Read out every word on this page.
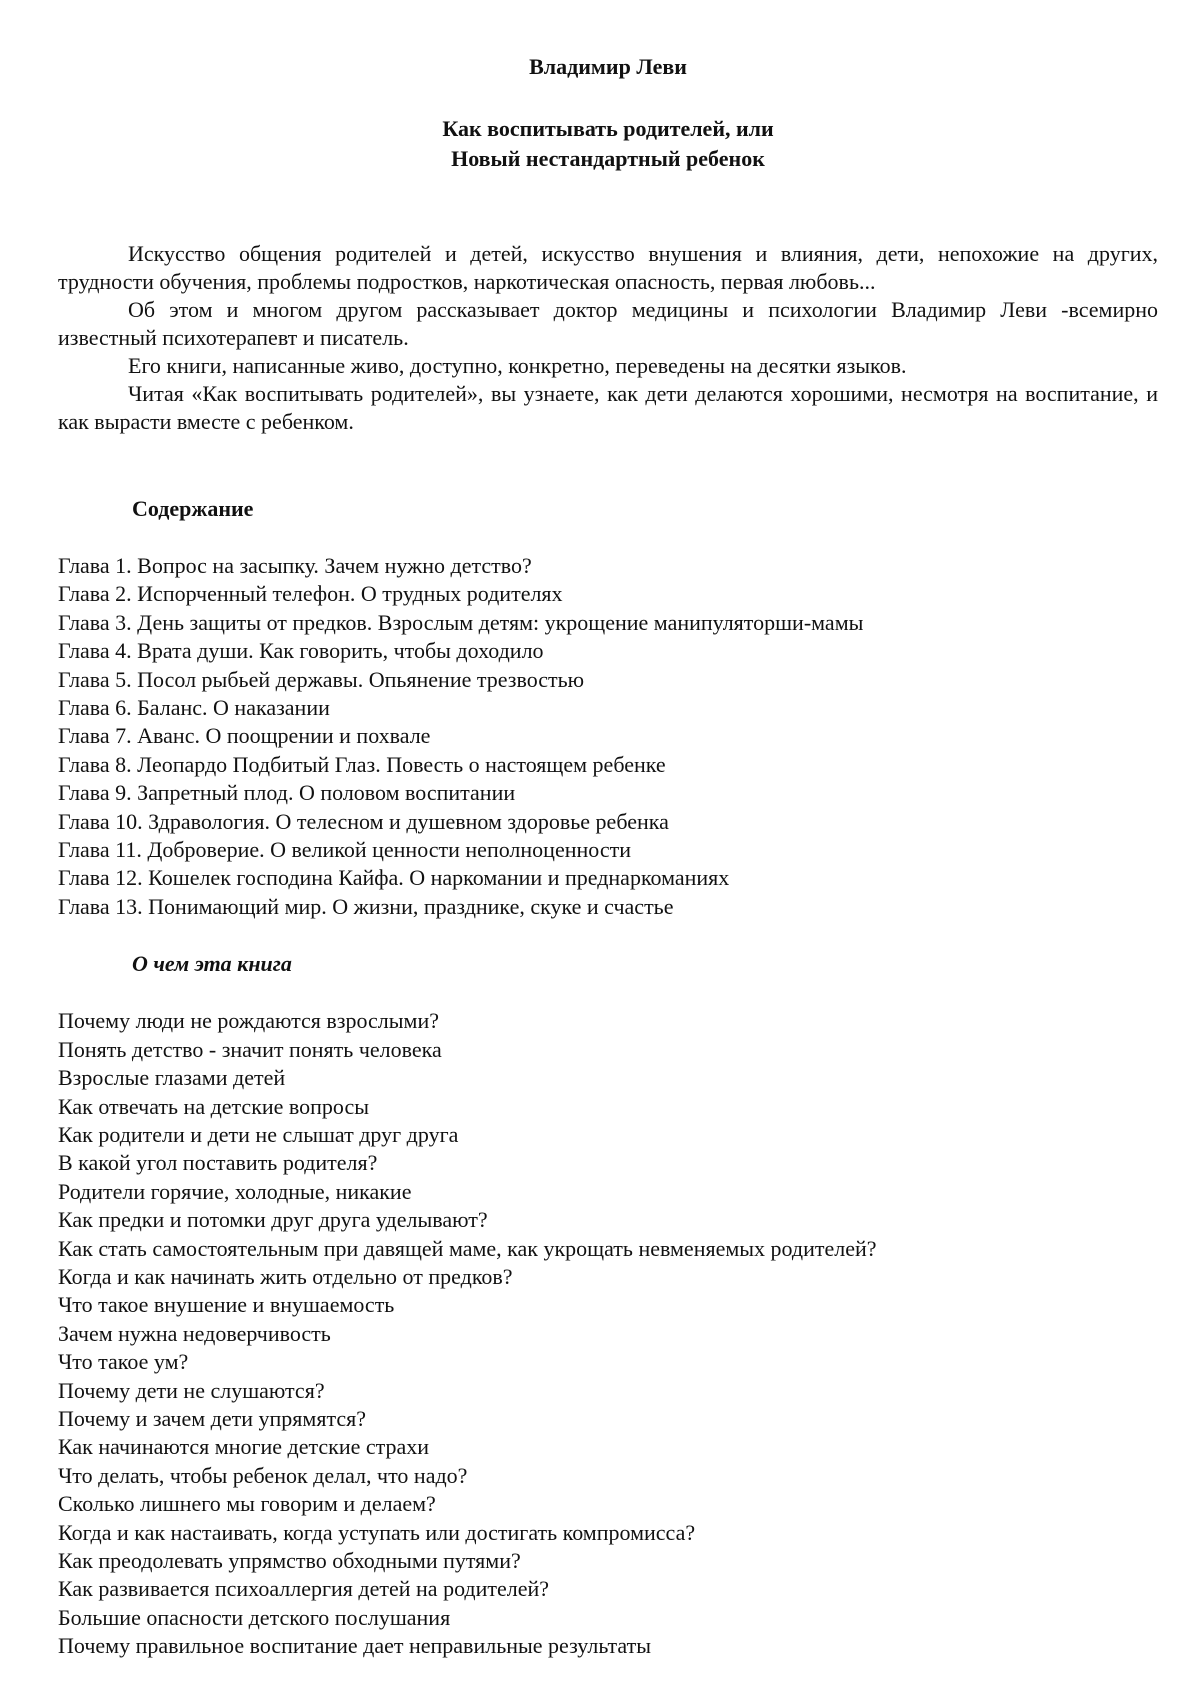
Владимир Леви
Как воспитывать родителей, или
Новый нестандартный ребенок

Искусство общения родителей и детей, искусство внушения и влияния, дети, непохожие на других, трудности обучения, проблемы подростков, наркотическая опасность, первая любовь...

Об этом и многом другом рассказывает доктор медицины и психологии Владимир Леви -всемирно известный психотерапевт и писатель.

Его книги, написанные живо, доступно, конкретно, переведены на десятки языков.

Читая «Как воспитывать родителей», вы узнаете, как дети делаются хорошими, несмотря на воспитание, и как вырасти вместе с ребенком.

Содержание
Глава 1. Вопрос на засыпку. Зачем нужно детство?
Глава 2. Испорченный телефон. О трудных родителях
Глава 3. День защиты от предков. Взрослым детям: укрощение манипуляторши-мамы
Глава 4. Врата души. Как говорить, чтобы доходило
Глава 5. Посол рыбьей державы. Опьянение трезвостью
Глава 6. Баланс. О наказании
Глава 7. Аванс. О поощрении и похвале
Глава 8. Леопардо Подбитый Глаз. Повесть о настоящем ребенке
Глава 9. Запретный плод. О половом воспитании
Глава 10. Здравология. О телесном и душевном здоровье ребенка
Глава 11. Доброверие. О великой ценности неполноценности
Глава 12. Кошелек господина Кайфа. О наркомании и преднаркоманиях
Глава 13. Понимающий мир. О жизни, празднике, скуке и счастье
О чем эта книга
Почему люди не рождаются взрослыми?
Понять детство - значит понять человека
Взрослые глазами детей
Как отвечать на детские вопросы
Как родители и дети не слышат друг друга
В какой угол поставить родителя?
Родители горячие, холодные, никакие
Как предки и потомки друг друга уделывают?
Как стать самостоятельным при давящей маме, как укрощать невменяемых родителей?
Когда и как начинать жить отдельно от предков?
Что такое внушение и внушаемость
Зачем нужна недоверчивость
Что такое ум?
Почему дети не слушаются?
Почему и зачем дети упрямятся?
Как начинаются многие детские страхи
Что делать, чтобы ребенок делал, что надо?
Сколько лишнего мы говорим и делаем?
Когда и как настаивать, когда уступать или достигать компромисса?
Как преодолевать упрямство обходными путями?
Как развивается психоаллергия детей на родителей?
Большие опасности детского послушания
Почему правильное воспитание дает неправильные результаты
